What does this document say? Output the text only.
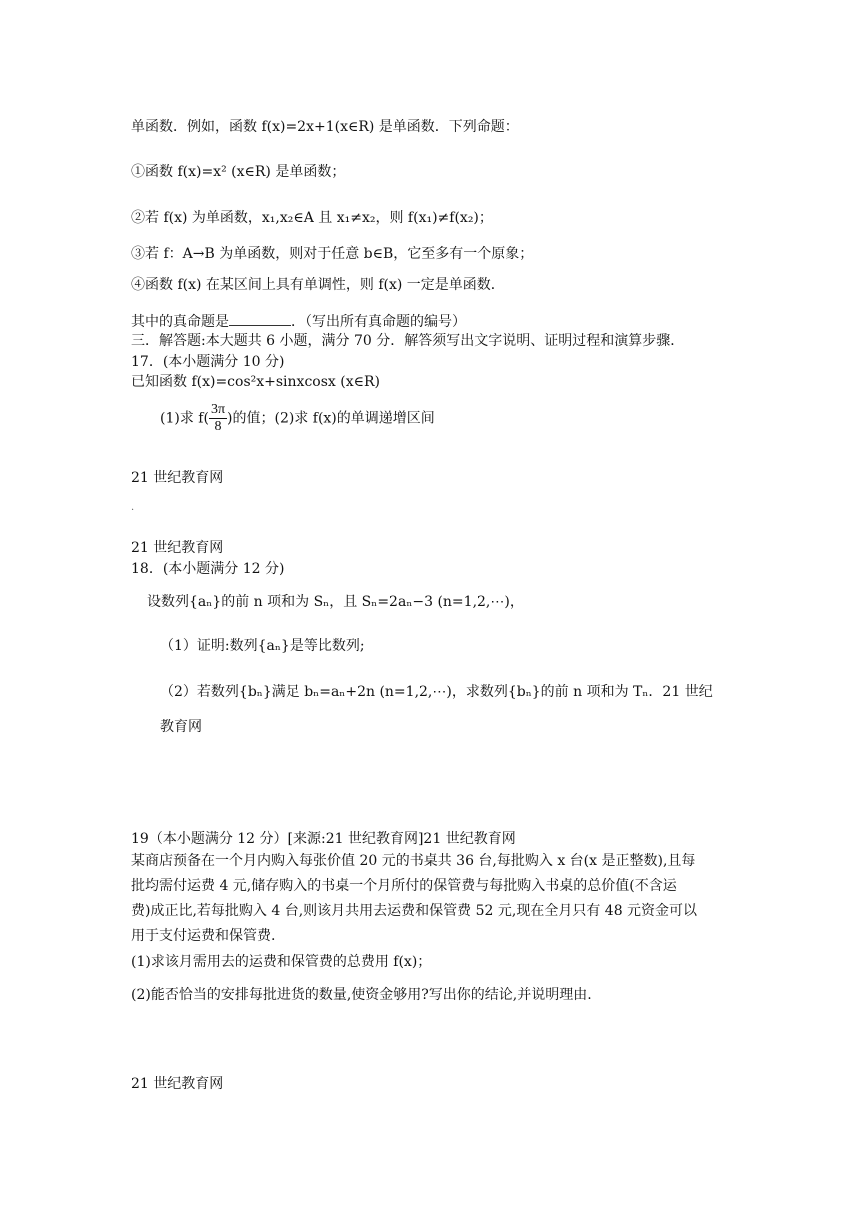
单函数．例如，函数 f(x)=2x+1(x∈R) 是单函数．下列命题：
①函数 f(x)=x² (x∈R) 是单函数；
②若 f(x) 为单函数，x₁,x₂∈A 且 x₁≠x₂，则 f(x₁)≠f(x₂)；
③若 f：A→B 为单函数，则对于任意 b∈B，它至多有一个原象；
④函数 f(x) 在某区间上具有单调性，则 f(x) 一定是单函数．
其中的真命题是	．（写出所有真命题的编号）
三．解答题:本大题共 6 小题，满分 70 分．解答须写出文字说明、证明过程和演算步骤．
17．(本小题满分 10 分)
已知函数 f(x)=cos²x+sinxcosx (x∈R)
(1)求 $f( \frac{3\pi}{8}$ )的值；(2)求 f(x)的单调递增区间
21 世纪教育网
·
21 世纪教育网
18．(本小题满分 12 分)
设数列{aₙ}的前 n 项和为 Sₙ，且 Sₙ=2aₙ−3 (n=1,2,⋯)，
（1）证明:数列{aₙ}是等比数列;
（2）若数列{bₙ}满足 bₙ=aₙ+2n (n=1,2,⋯)，求数列{bₙ}的前 n 项和为 Tₙ．21 世纪
教育网
19（本小题满分 12 分）[来源:21 世纪教育网]21 世纪教育网
某商店预备在一个月内购入每张价值 20 元的书桌共 36 台,每批购入 x 台(x 是正整数),且每
批均需付运费 4 元,储存购入的书桌一个月所付的保管费与每批购入书桌的总价值(不含运
费)成正比,若每批购入 4 台,则该月共用去运费和保管费 52 元,现在全月只有 48 元资金可以
用于支付运费和保管费.
(1)求该月需用去的运费和保管费的总费用 f(x)；
(2)能否恰当的安排每批进货的数量,使资金够用?写出你的结论,并说明理由.
21 世纪教育网
